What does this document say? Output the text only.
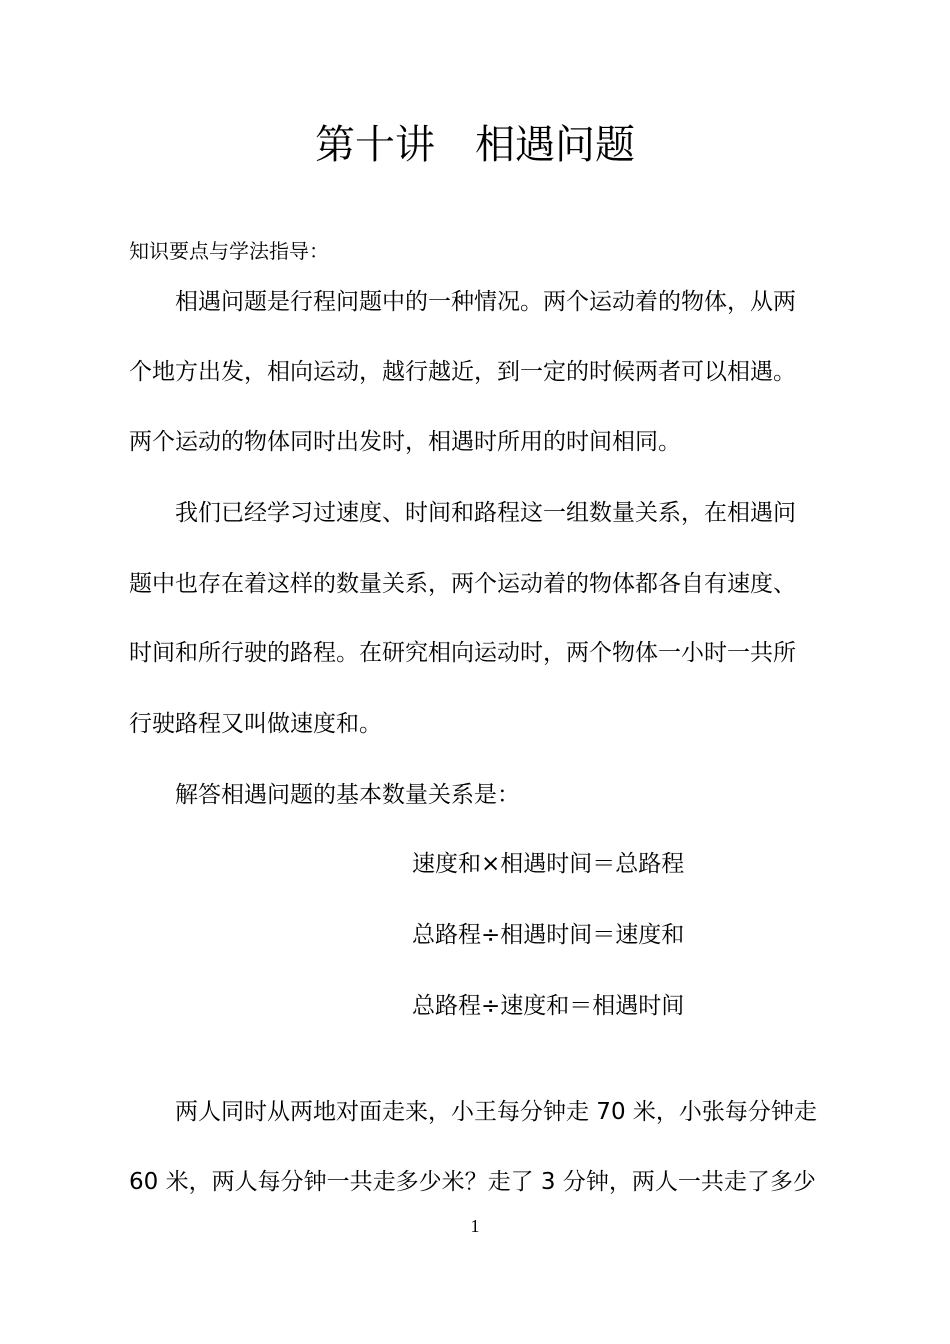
第十讲　相遇问题
知识要点与学法指导：
相遇问题是行程问题中的一种情况。两个运动着的物体，从两
个地方出发，相向运动，越行越近，到一定的时候两者可以相遇。
两个运动的物体同时出发时，相遇时所用的时间相同。
我们已经学习过速度、时间和路程这一组数量关系，在相遇问
题中也存在着这样的数量关系，两个运动着的物体都各自有速度、
时间和所行驶的路程。在研究相向运动时，两个物体一小时一共所
行驶路程又叫做速度和。
解答相遇问题的基本数量关系是：
速度和×相遇时间＝总路程
总路程÷相遇时间＝速度和
总路程÷速度和＝相遇时间
两人同时从两地对面走来，小王每分钟走 70 米，小张每分钟走
60 米，两人每分钟一共走多少米？走了 3 分钟，两人一共走了多少
1
